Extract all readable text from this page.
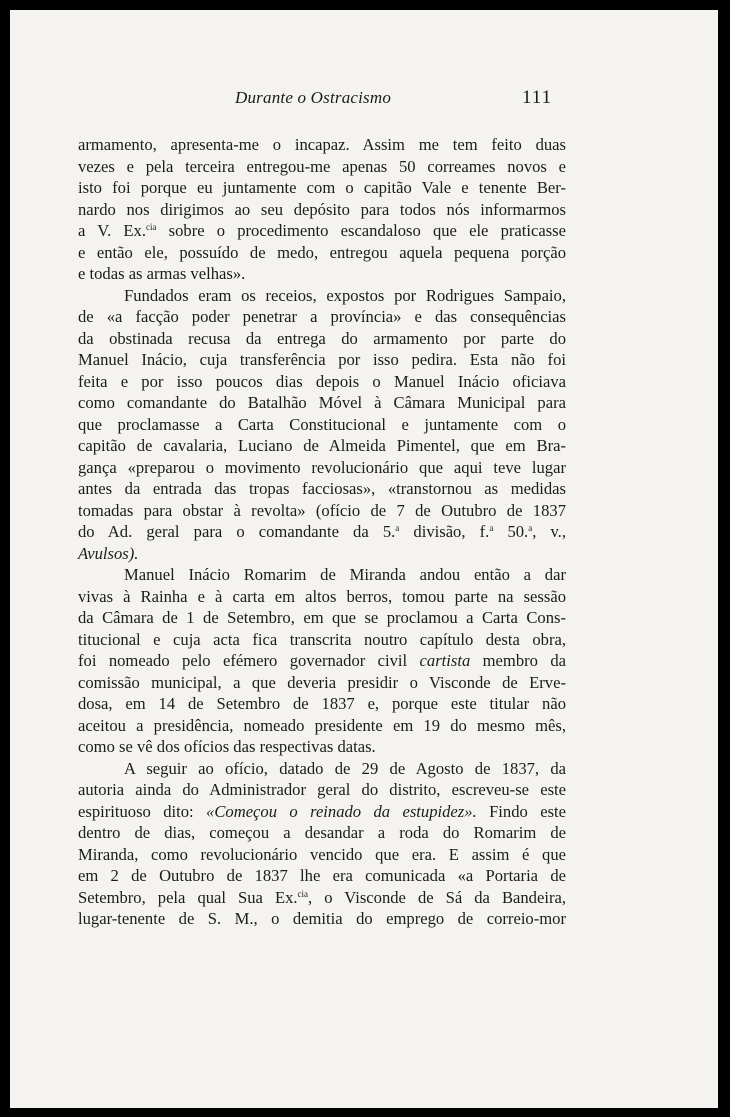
Durante o Ostracismo	111
armamento, apresenta-me o incapaz. Assim me tem feito duas
vezes e pela terceira entregou-me apenas 50 correames novos e
isto foi porque eu juntamente com o capitão Vale e tenente Ber-
nardo nos dirigimos ao seu depósito para todos nós informarmos
a V. Ex.$^{cia}$ sobre o procedimento escandaloso que ele praticasse
e então ele, possuído de medo, entregou aquela pequena porção
e todas as armas velhas».
Fundados eram os receios, expostos por Rodrigues Sampaio,
de «a facção poder penetrar a província» e das consequências
da obstinada recusa da entrega do armamento por parte do
Manuel Inácio, cuja transferência por isso pedira. Esta não foi
feita e por isso poucos dias depois o Manuel Inácio oficiava
como comandante do Batalhão Móvel à Câmara Municipal para
que proclamasse a Carta Constitucional e juntamente com o
capitão de cavalaria, Luciano de Almeida Pimentel, que em Bra-
gança «preparou o movimento revolucionário que aqui teve lugar
antes da entrada das tropas facciosas», «transtornou as medidas
tomadas para obstar à revolta» (ofício de 7 de Outubro de 1837
do Ad. geral para o comandante da 5.$^a$ divisão, f.$^a$ 50.$^a$, v.,
Avulsos).
Manuel Inácio Romarim de Miranda andou então a dar
vivas à Rainha e à carta em altos berros, tomou parte na sessão
da Câmara de 1 de Setembro, em que se proclamou a Carta Cons-
titucional e cuja acta fica transcrita noutro capítulo desta obra,
foi nomeado pelo efémero governador civil cartista membro da
comissão municipal, a que deveria presidir o Visconde de Erve-
dosa, em 14 de Setembro de 1837 e, porque este titular não
aceitou a presidência, nomeado presidente em 19 do mesmo mês,
como se vê dos ofícios das respectivas datas.
A seguir ao ofício, datado de 29 de Agosto de 1837, da
autoria ainda do Administrador geral do distrito, escreveu-se este
espirituoso dito: «Começou o reinado da estupidez». Findo este
dentro de dias, começou a desandar a roda do Romarim de
Miranda, como revolucionário vencido que era. E assim é que
em 2 de Outubro de 1837 lhe era comunicada «a Portaria de
Setembro, pela qual Sua Ex.$^{cia}$, o Visconde de Sá da Bandeira,
lugar-tenente de S. M., o demitia do emprego de correio-mor
